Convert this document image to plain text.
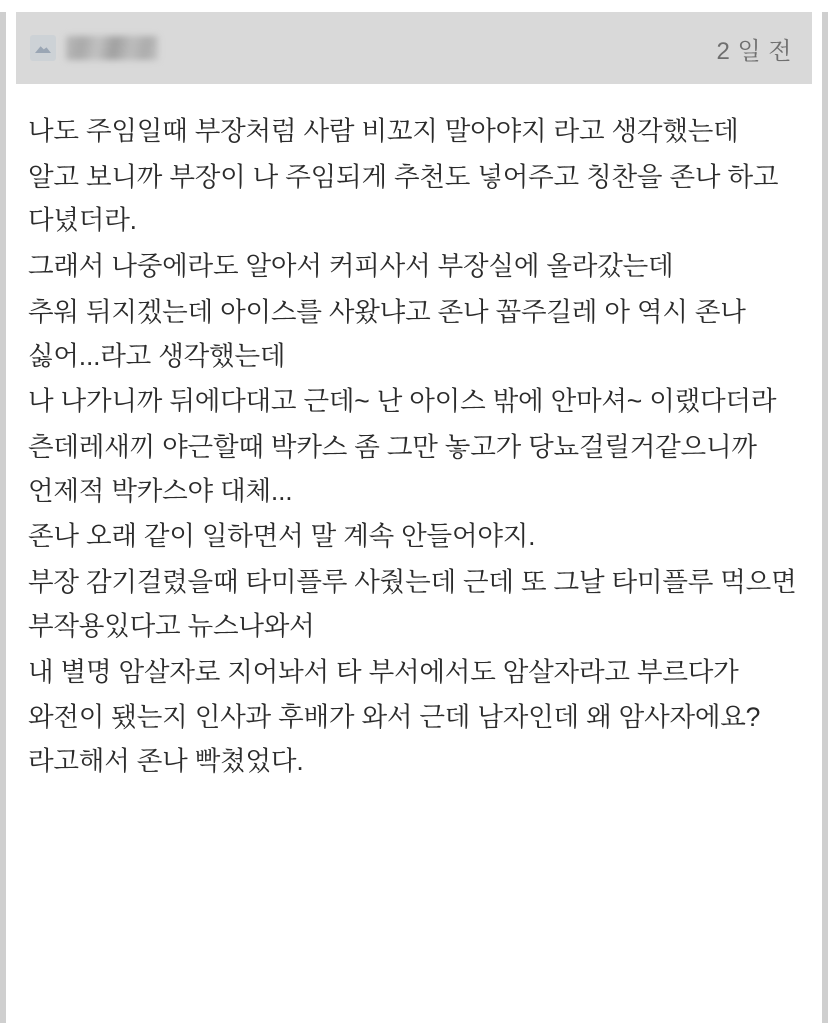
2 일 전

나도 주임일때 부장처럼 사람 비꼬지 말아야지 라고 생각했는데

알고 보니까 부장이 나 주임되게 추천도 넣어주고 칭찬을 존나 하고 다녔더라.

그래서 나중에라도 알아서 커피사서 부장실에 올라갔는데

추워 뒤지겠는데 아이스를 사왔냐고 존나 꼽주길레 아 역시 존나 싫어...라고 생각했는데

나 나가니까 뒤에다대고 근데~ 난 아이스 밖에 안마셔~ 이랬다더라

츤데레새끼 야근할때 박카스 좀 그만 놓고가 당뇨걸릴거같으니까 언제적 박카스야 대체...

존나 오래 같이 일하면서 말 계속 안들어야지.

부장 감기걸렸을때 타미플루 사줬는데 근데 또 그날 타미플루 먹으면 부작용있다고 뉴스나와서

내 별명 암살자로 지어놔서 타 부서에서도 암살자라고 부르다가

와전이 됐는지 인사과 후배가 와서 근데 남자인데 왜 암사자에요? 라고해서 존나 빡쳤었다.
